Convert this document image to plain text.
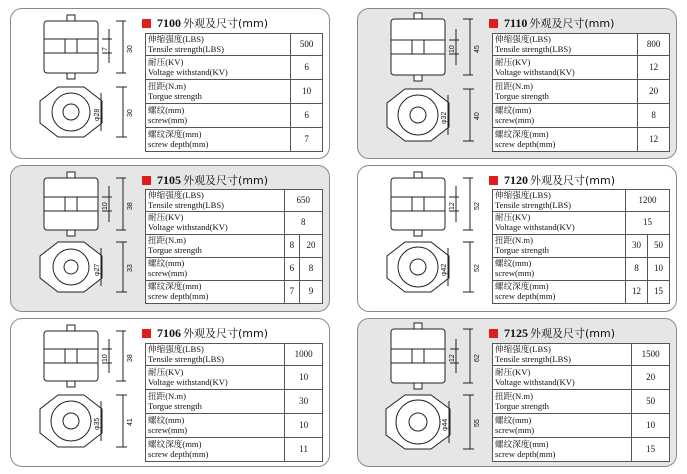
7	30
φ28	30
7100 外观及尺寸(mm)
伸缩强度(LBS)
Tensile strength(LBS)	500
耐压(KV)
Voltage withstand(KV)	6
扭距(N.m)
Torgue strength	10
螺纹(mm)
screw(mm)	6
螺纹深度(mm)
screw depth(mm)	7
10	45
φ32	40
7110 外观及尺寸(mm)
伸缩强度(LBS)
Tensile strength(LBS)	800
耐压(KV)
Voltage withstand(KV)	12
扭距(N.m)
Torgue strength	20
螺纹(mm)
screw(mm)	8
螺纹深度(mm)
screw depth(mm)	12
10	38
φ27	33
7105 外观及尺寸(mm)
伸缩强度(LBS)
Tensile strength(LBS)	650	
耐压(KV)
Voltage withstand(KV)	8	
扭距(N.m)
Torgue strength	8	20
螺纹(mm)
screw(mm)	6	8
螺纹深度(mm)
screw depth(mm)	7	9
12	52
φ42	52
7120 外观及尺寸(mm)
伸缩强度(LBS)
Tensile strength(LBS)	1200	
耐压(KV)
Voltage withstand(KV)	15	
扭距(N.m)
Torgue strength	30	50
螺纹(mm)
screw(mm)	8	10
螺纹深度(mm)
screw depth(mm)	12	15
10	38
φ35	41
7106 外观及尺寸(mm)
伸缩强度(LBS)
Tensile strength(LBS)	1000
耐压(KV)
Voltage withstand(KV)	10
扭距(N.m)
Torgue strength	30
螺纹(mm)
screw(mm)	10
螺纹深度(mm)
screw depth(mm)	11
12	62
φ44	55
7125 外观及尺寸(mm)
伸缩强度(LBS)
Tensile strength(LBS)	1500
耐压(KV)
Voltage withstand(KV)	20
扭距(N.m)
Torgue strength	50
螺纹(mm)
screw(mm)	10
螺纹深度(mm)
screw depth(mm)	15
